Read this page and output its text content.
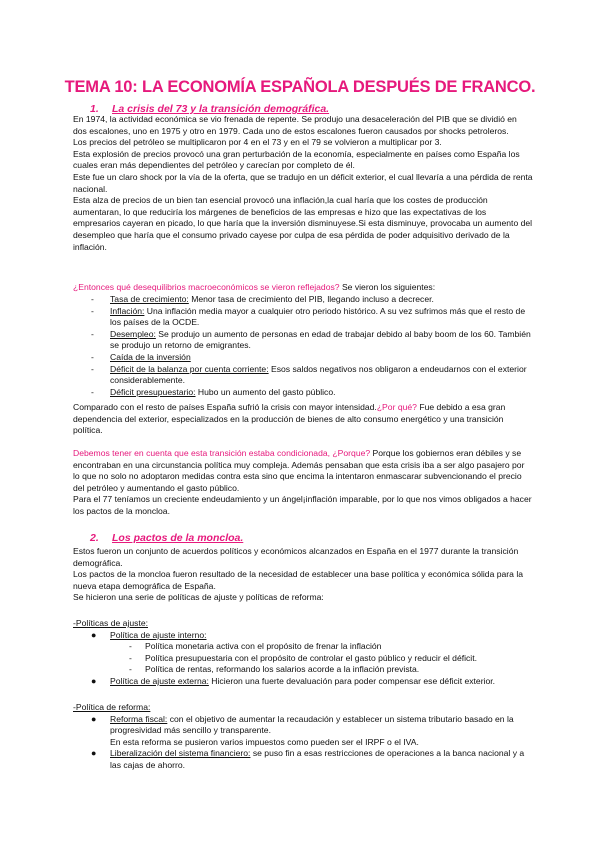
TEMA 10: LA ECONOMÍA ESPAÑOLA DESPUÉS DE FRANCO.
1. La crisis del 73 y la transición demográfica.

En 1974, la actividad económica se vio frenada de repente. Se produjo una desaceleración del PIB que se dividió en dos escalones, uno en 1975 y otro en 1979. Cada uno de estos escalones fueron causados por shocks petroleros.

Los precios del petróleo se multiplicaron por 4 en el 73 y en el 79 se volvieron a multiplicar por 3.

Esta explosión de precios provocó una gran perturbación de la economía, especialmente en países como España los cuales eran más dependientes del petróleo y carecían por completo de él.

Este fue un claro shock por la vía de la oferta, que se tradujo en un déficit exterior, el cual llevaría a una pérdida de renta nacional.

Esta alza de precios de un bien tan esencial provocó una inflación,la cual haría que los costes de producción aumentaran, lo que reduciría los márgenes de beneficios de las empresas e hizo que las expectativas de los empresarios cayeran en picado, lo que haría que la inversión disminuyese.Si esta disminuye, provocaba un aumento del desempleo que haría que el consumo privado cayese por culpa de esa pérdida de poder adquisitivo derivado de la inflación.

¿Entonces qué desequilibrios macroeconómicos se vieron reflejados? Se vieron los siguientes:

- Tasa de crecimiento: Menor tasa de crecimiento del PIB, llegando incluso a decrecer.
- Inflación: Una inflación media mayor a cualquier otro periodo histórico. A su vez sufrimos más que el resto de los países de la OCDE.
- Desempleo: Se produjo un aumento de personas en edad de trabajar debido al baby boom de los 60. También se produjo un retorno de emigrantes.
- Caída de la inversión
- Déficit de la balanza por cuenta corriente: Esos saldos negativos nos obligaron a endeudarnos con el exterior considerablemente.
- Déficit presupuestario: Hubo un aumento del gasto público.

Comparado con el resto de países España sufrió la crisis con mayor intensidad.¿Por qué? Fue debido a esa gran dependencia del exterior, especializados en la producción de bienes de alto consumo energético y una transición política.

Debemos tener en cuenta que esta transición estaba condicionada, ¿Porque? Porque los gobiernos eran débiles y se encontraban en una circunstancia política muy compleja. Además pensaban que esta crisis iba a ser algo pasajero por lo que no solo no adoptaron medidas contra esta sino que encima la intentaron enmascarar subvencionando el precio del petróleo y aumentando el gasto público.

Para el 77 teníamos un creciente endeudamiento y un ángel¡inflación imparable, por lo que nos vimos obligados a hacer los pactos de la moncloa.

2. Los pactos de la moncloa.

Estos fueron un conjunto de acuerdos políticos y económicos alcanzados en España en el 1977 durante la transición demográfica.

Los pactos de la moncloa fueron resultado de la necesidad de establecer una base política y económica sólida para la nueva etapa demográfica de España.

Se hicieron una serie de políticas de ajuste y políticas de reforma:

-Políticas de ajuste:
● Política de ajuste interno:
- Política monetaria activa con el propósito de frenar la inflación
- Política presupuestaria con el propósito de controlar el gasto público y reducir el déficit.
- Política de rentas, reformando los salarios acorde a la inflación prevista.
● Política de ajuste externa: Hicieron una fuerte devaluación para poder compensar ese déficit exterior.
-Política de reforma:
● Reforma fiscal: con el objetivo de aumentar la recaudación y establecer un sistema tributario basado en la progresividad más sencillo y transparente.
En esta reforma se pusieron varios impuestos como pueden ser el IRPF o el IVA.
● Liberalización del sistema financiero: se puso fin a esas restricciones de operaciones a la banca nacional y a las cajas de ahorro.
